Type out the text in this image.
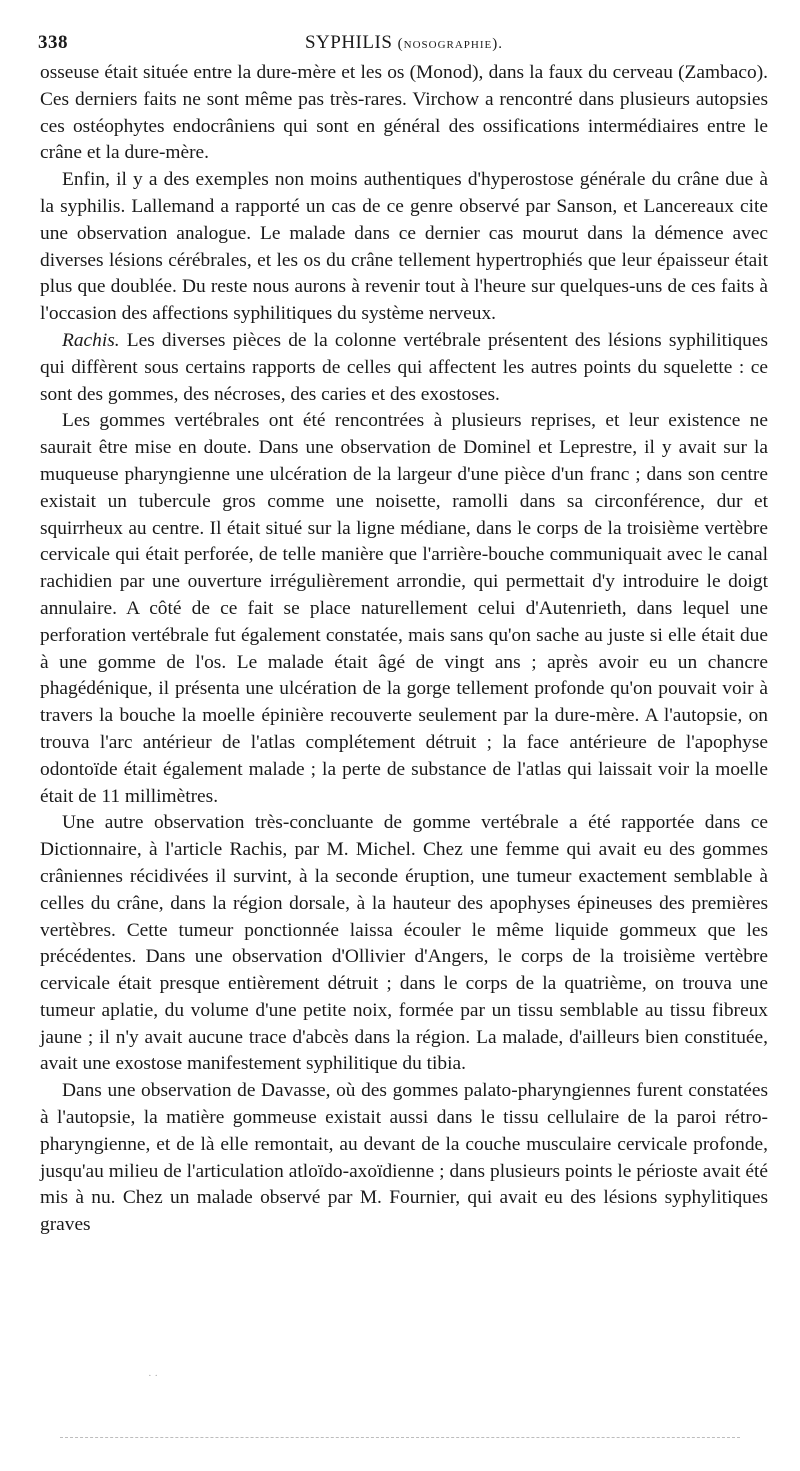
338	SYPHILIS (nosographie).

osseuse était située entre la dure-mère et les os (Monod), dans la faux du cerveau (Zambaco). Ces derniers faits ne sont même pas très-rares. Virchow a rencontré dans plusieurs autopsies ces ostéophytes endocrâniens qui sont en général des ossifications intermédiaires entre le crâne et la dure-mère.

Enfin, il y a des exemples non moins authentiques d'hyperostose générale du crâne due à la syphilis. Lallemand a rapporté un cas de ce genre observé par Sanson, et Lancereaux cite une observation analogue. Le malade dans ce dernier cas mourut dans la démence avec diverses lésions cérébrales, et les os du crâne tellement hypertrophiés que leur épaisseur était plus que doublée. Du reste nous aurons à revenir tout à l'heure sur quelques-uns de ces faits à l'occasion des affections syphilitiques du système nerveux.

Rachis. Les diverses pièces de la colonne vertébrale présentent des lésions syphilitiques qui diffèrent sous certains rapports de celles qui affectent les autres points du squelette : ce sont des gommes, des nécroses, des caries et des exostoses.

Les gommes vertébrales ont été rencontrées à plusieurs reprises, et leur existence ne saurait être mise en doute. Dans une observation de Dominel et Leprestre, il y avait sur la muqueuse pharyngienne une ulcération de la largeur d'une pièce d'un franc ; dans son centre existait un tubercule gros comme une noisette, ramolli dans sa circonférence, dur et squirrheux au centre. Il était situé sur la ligne médiane, dans le corps de la troisième vertèbre cervicale qui était perforée, de telle manière que l'arrière-bouche communiquait avec le canal rachidien par une ouverture irrégulièrement arrondie, qui permettait d'y introduire le doigt annulaire. A côté de ce fait se place naturellement celui d'Autenrieth, dans lequel une perforation vertébrale fut également constatée, mais sans qu'on sache au juste si elle était due à une gomme de l'os. Le malade était âgé de vingt ans ; après avoir eu un chancre phagédénique, il présenta une ulcération de la gorge tellement profonde qu'on pouvait voir à travers la bouche la moelle épinière recouverte seulement par la dure-mère. A l'autopsie, on trouva l'arc antérieur de l'atlas complétement détruit ; la face antérieure de l'apophyse odontoïde était également malade ; la perte de substance de l'atlas qui laissait voir la moelle était de 11 millimètres.

Une autre observation très-concluante de gomme vertébrale a été rapportée dans ce Dictionnaire, à l'article Rachis, par M. Michel. Chez une femme qui avait eu des gommes crâniennes récidivées il survint, à la seconde éruption, une tumeur exactement semblable à celles du crâne, dans la région dorsale, à la hauteur des apophyses épineuses des premières vertèbres. Cette tumeur ponctionnée laissa écouler le même liquide gommeux que les précédentes. Dans une observation d'Ollivier d'Angers, le corps de la troisième vertèbre cervicale était presque entièrement détruit ; dans le corps de la quatrième, on trouva une tumeur aplatie, du volume d'une petite noix, formée par un tissu semblable au tissu fibreux jaune ; il n'y avait aucune trace d'abcès dans la région. La malade, d'ailleurs bien constituée, avait une exostose manifestement syphilitique du tibia.

Dans une observation de Davasse, où des gommes palato-pharyngiennes furent constatées à l'autopsie, la matière gommeuse existait aussi dans le tissu cellulaire de la paroi rétro-pharyngienne, et de là elle remontait, au devant de la couche musculaire cervicale profonde, jusqu'au milieu de l'articulation atloïdo-axoïdienne ; dans plusieurs points le périoste avait été mis à nu. Chez un malade observé par M. Fournier, qui avait eu des lésions syphylitiques graves

· ·
